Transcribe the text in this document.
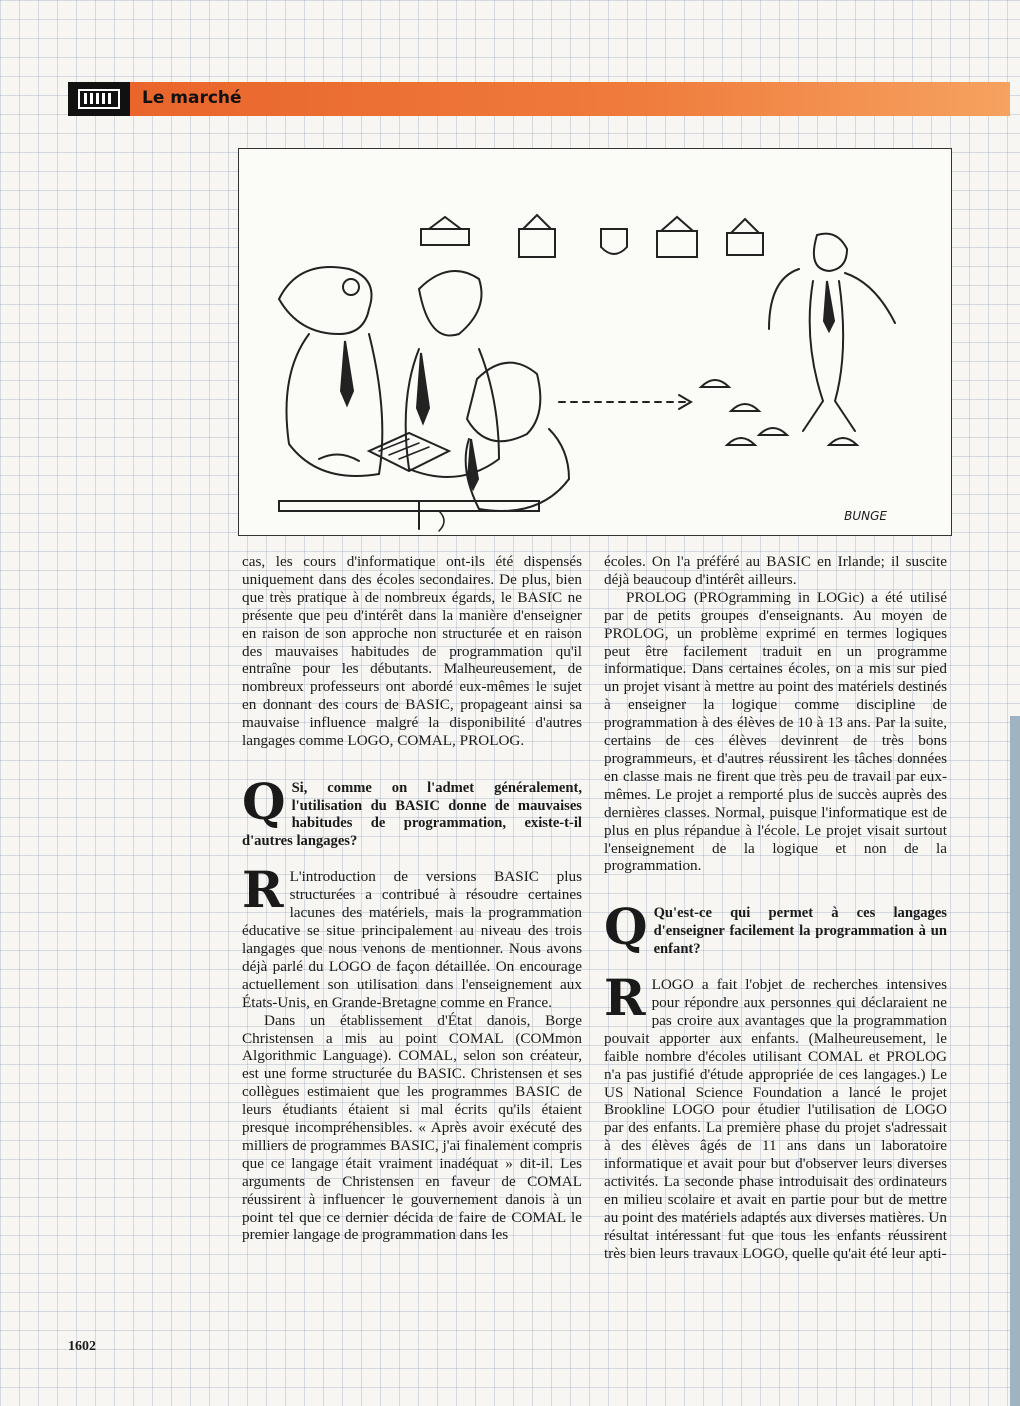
Le marché
BUNGE

cas, les cours d'informatique ont-ils été dispensés uniquement dans des écoles secondaires. De plus, bien que très pratique à de nombreux égards, le BASIC ne présente que peu d'intérêt dans la manière d'enseigner en raison de son approche non structurée et en raison des mauvaises habitudes de programmation qu'il entraîne pour les débutants. Malheureusement, de nombreux professeurs ont abordé eux-mêmes le sujet en donnant des cours de BASIC, propageant ainsi sa mauvaise influence malgré la disponibilité d'autres langages comme LOGO, COMAL, PROLOG.

Q Si, comme on l'admet généralement, l'utilisation du BASIC donne de mauvaises habitudes de programmation, existe-t-il d'autres langages?
R L'introduction de versions BASIC plus structurées a contribué à résoudre certaines lacunes des matériels, mais la programmation éducative se situe principalement au niveau des trois langages que nous venons de mentionner. Nous avons déjà parlé du LOGO de façon détaillée. On encourage actuellement son utilisation dans l'enseignement aux États-Unis, en Grande-Bretagne comme en France.

Dans un établissement d'État danois, Borge Christensen a mis au point COMAL (COMmon Algorithmic Language). COMAL, selon son créateur, est une forme structurée du BASIC. Christensen et ses collègues estimaient que les programmes BASIC de leurs étudiants étaient si mal écrits qu'ils étaient presque incompréhensibles. « Après avoir exécuté des milliers de programmes BASIC, j'ai finalement compris que ce langage était vraiment inadéquat » dit-il. Les arguments de Christensen en faveur de COMAL réussirent à influencer le gouvernement danois à un point tel que ce dernier décida de faire de COMAL le premier langage de programmation dans les

écoles. On l'a préféré au BASIC en Irlande; il suscite déjà beaucoup d'intérêt ailleurs.

PROLOG (PROgramming in LOGic) a été utilisé par de petits groupes d'enseignants. Au moyen de PROLOG, un problème exprimé en termes logiques peut être facilement traduit en un programme informatique. Dans certaines écoles, on a mis sur pied un projet visant à mettre au point des matériels destinés à enseigner la logique comme discipline de programmation à des élèves de 10 à 13 ans. Par la suite, certains de ces élèves devinrent de très bons programmeurs, et d'autres réussirent les tâches données en classe mais ne firent que très peu de travail par eux-mêmes. Le projet a remporté plus de succès auprès des dernières classes. Normal, puisque l'informatique est de plus en plus répandue à l'école. Le projet visait surtout l'enseignement de la logique et non de la programmation.

Q Qu'est-ce qui permet à ces langages d'enseigner facilement la programmation à un enfant?
R LOGO a fait l'objet de recherches intensives pour répondre aux personnes qui déclaraient ne pas croire aux avantages que la programmation pouvait apporter aux enfants. (Malheureusement, le faible nombre d'écoles utilisant COMAL et PROLOG n'a pas justifié d'étude appropriée de ces langages.) Le US National Science Foundation a lancé le projet Brookline LOGO pour étudier l'utilisation de LOGO par des enfants. La première phase du projet s'adressait à des élèves âgés de 11 ans dans un laboratoire informatique et avait pour but d'observer leurs diverses activités. La seconde phase introduisait des ordinateurs en milieu scolaire et avait en partie pour but de mettre au point des matériels adaptés aux diverses matières. Un résultat intéressant fut que tous les enfants réussirent très bien leurs travaux LOGO, quelle qu'ait été leur apti-
1602
